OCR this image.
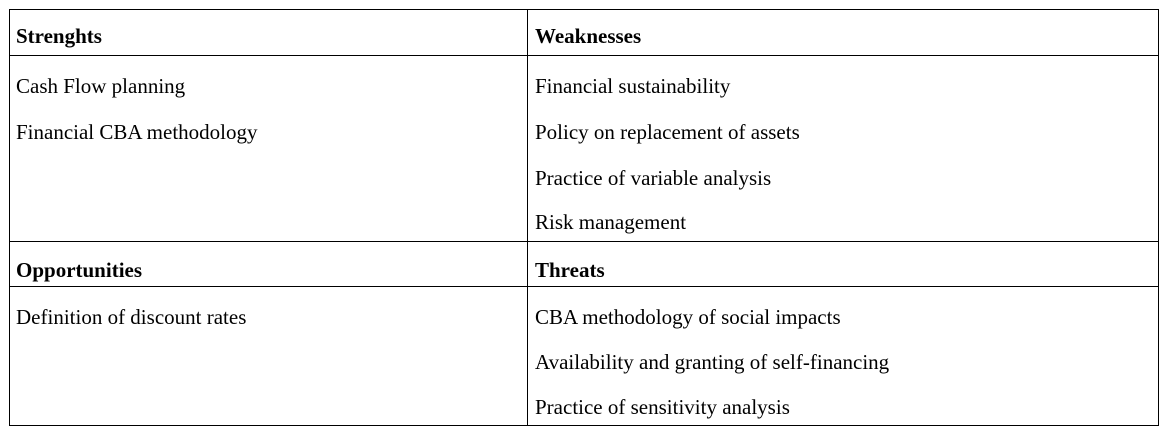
Strenghts
Cash Flow planning
Financial CBA methodology
Weaknesses
Financial sustainability
Policy on replacement of assets
Practice of variable analysis
Risk management
Opportunities
Definition of discount rates
Threats
CBA methodology of social impacts
Availability and granting of self-financing
Practice of sensitivity analysis
